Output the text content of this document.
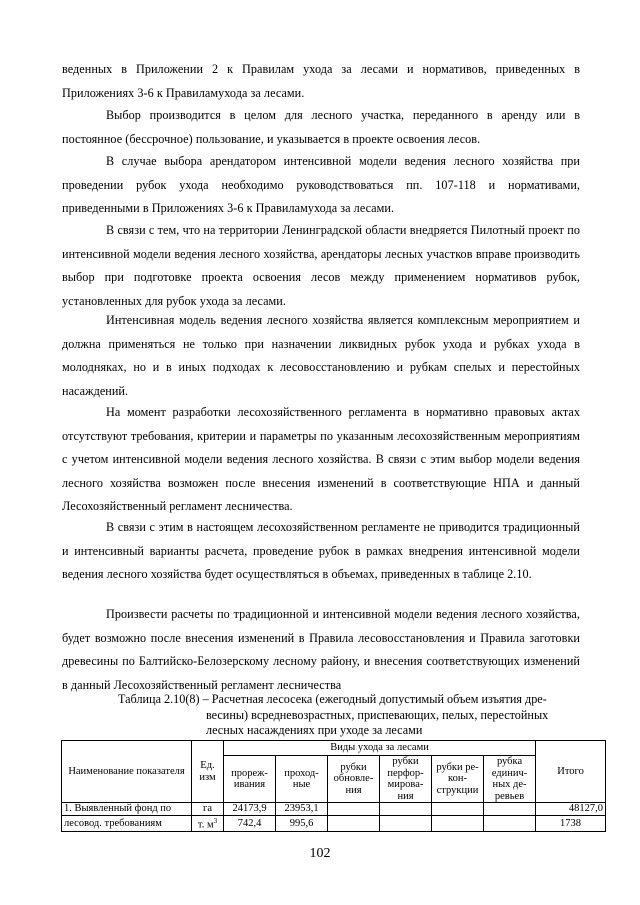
веденных в Приложении 2 к Правилам ухода за лесами и нормативов, приведенных в Приложениях 3-6 к Правиламухода за лесами.

Выбор производится в целом для лесного участка, переданного в аренду или в постоянное (бессрочное) пользование, и указывается в проекте освоения лесов.

В случае выбора арендатором интенсивной модели ведения лесного хозяйства при проведении рубок ухода необходимо руководствоваться пп. 107-118 и нормативами, приведенными в Приложениях 3-6 к Правиламухода за лесами.

В связи с тем, что на территории Ленинградской области внедряется Пилотный проект по интенсивной модели ведения лесного хозяйства, арендаторы лесных участков вправе производить выбор при подготовке проекта освоения лесов между применением нормативов рубок, установленных для рубок ухода за лесами.

Интенсивная модель ведения лесного хозяйства является комплексным мероприятием и должна применяться не только при назначении ликвидных рубок ухода и рубках ухода в молодняках, но и в иных подходах к лесовосстановлению и рубкам спелых и перестойных насаждений.

На момент разработки лесохозяйственного регламента в нормативно правовых актах отсутствуют требования, критерии и параметры по указанным лесохозяйственным мероприятиям с учетом интенсивной модели ведения лесного хозяйства. В связи с этим выбор модели ведения лесного хозяйства возможен после внесения изменений в соответствующие НПА и данный Лесохозяйственный регламент лесничества.

В связи с этим в настоящем лесохозяйственном регламенте не приводится традиционный и интенсивный варианты расчета, проведение рубок в рамках внедрения интенсивной модели ведения лесного хозяйства будет осуществляться в объемах, приведенных в таблице 2.10.

Произвести расчеты по традиционной и интенсивной модели ведения лесного хозяйства, будет возможно после внесения изменений в Правила лесовосстановления и Правила заготовки древесины по Балтийско-Белозерскому лесному району, и внесения соответствующих изменений в данный Лесохозяйственный регламент лесничества

Таблица 2.10(8) – Расчетная лесосека (ежегодный допустимый объем изъятия дре-
весины) всредневозрастных, приспевающих, пелых, перестойных
лесных насаждениях при уходе за лесами

Наименование показателя	Ед. изм	Виды ухода за лесами						Итого
		прореживания	проходные	рубки обновления	рубки перформирования	рубки реконструкции	рубка единичных деревьев	
1. Выявленный фонд по	га	24173,9	23953,1					48127,0
лесовод. требованиям	т. $м^3$	742,4	995,6					1738
102
